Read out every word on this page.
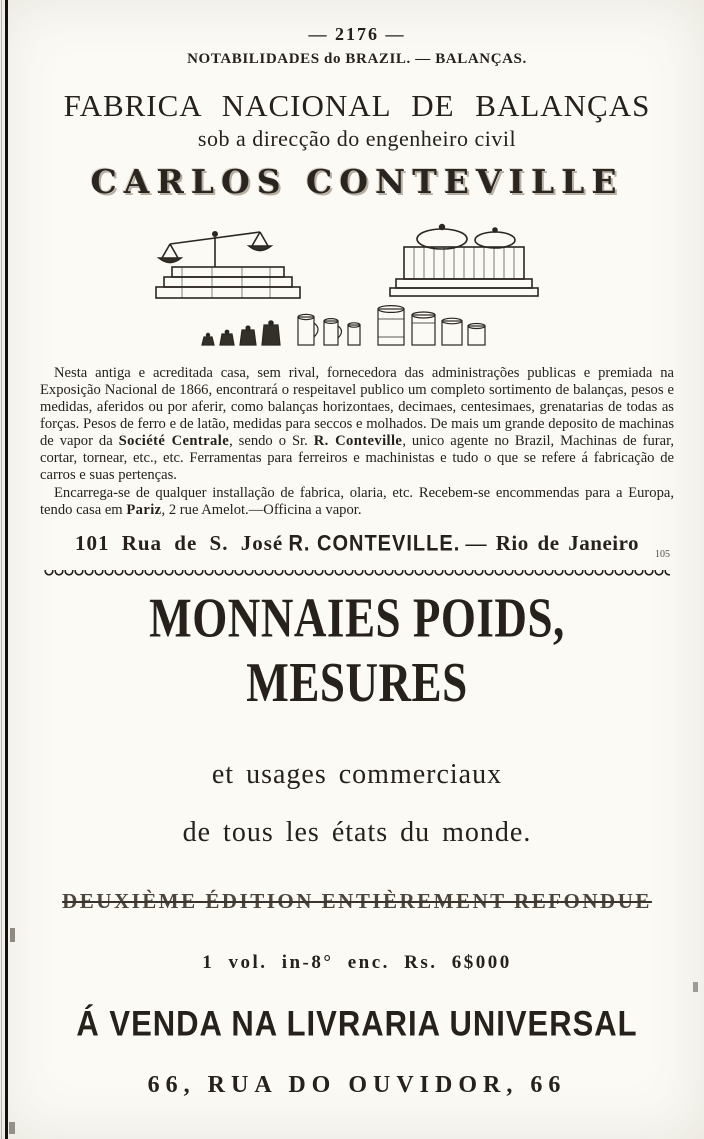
— 2176 —
NOTABILIDADES do BRAZIL. — BALANÇAS.
FABRICA NACIONAL DE BALANÇAS
sob a direcção do engenheiro civil
CARLOS CONTEVILLE

Nesta antiga e acreditada casa, sem rival, fornecedora das administrações publicas e premiada na Exposição Nacional de 1866, encontrará o respeitavel publico um completo sortimento de balanças, pesos e medidas, aferidos ou por aferir, como balanças horizontaes, decimaes, centesimaes, grenatarias de todas as forças. Pesos de ferro e de latão, medidas para seccos e molhados. De mais um grande deposito de machinas de vapor da Société Centrale, sendo o Sr. R. Conteville, unico agente no Brazil, Machinas de furar, cortar, tornear, etc., etc. Ferramentas para ferreiros e machinistas e tudo o que se refere á fabricação de carros e suas pertenças.

Encarrega-se de qualquer installação de fabrica, olaria, etc. Recebem-se encommendas para a Europa, tendo casa em Pariz, 2 rue Amelot.—Officina a vapor.

101 Rua de S. José R. CONTEVILLE. — Rio de Janeiro 105
MONNAIES POIDS, MESURES
et usages commerciaux
de tous les états du monde.
DEUXIÈME ÉDITION ENTIÈREMENT REFONDUE
1 vol. in-8° enc. Rs. 6$000
Á VENDA NA LIVRARIA UNIVERSAL
66, RUA DO OUVIDOR, 66
